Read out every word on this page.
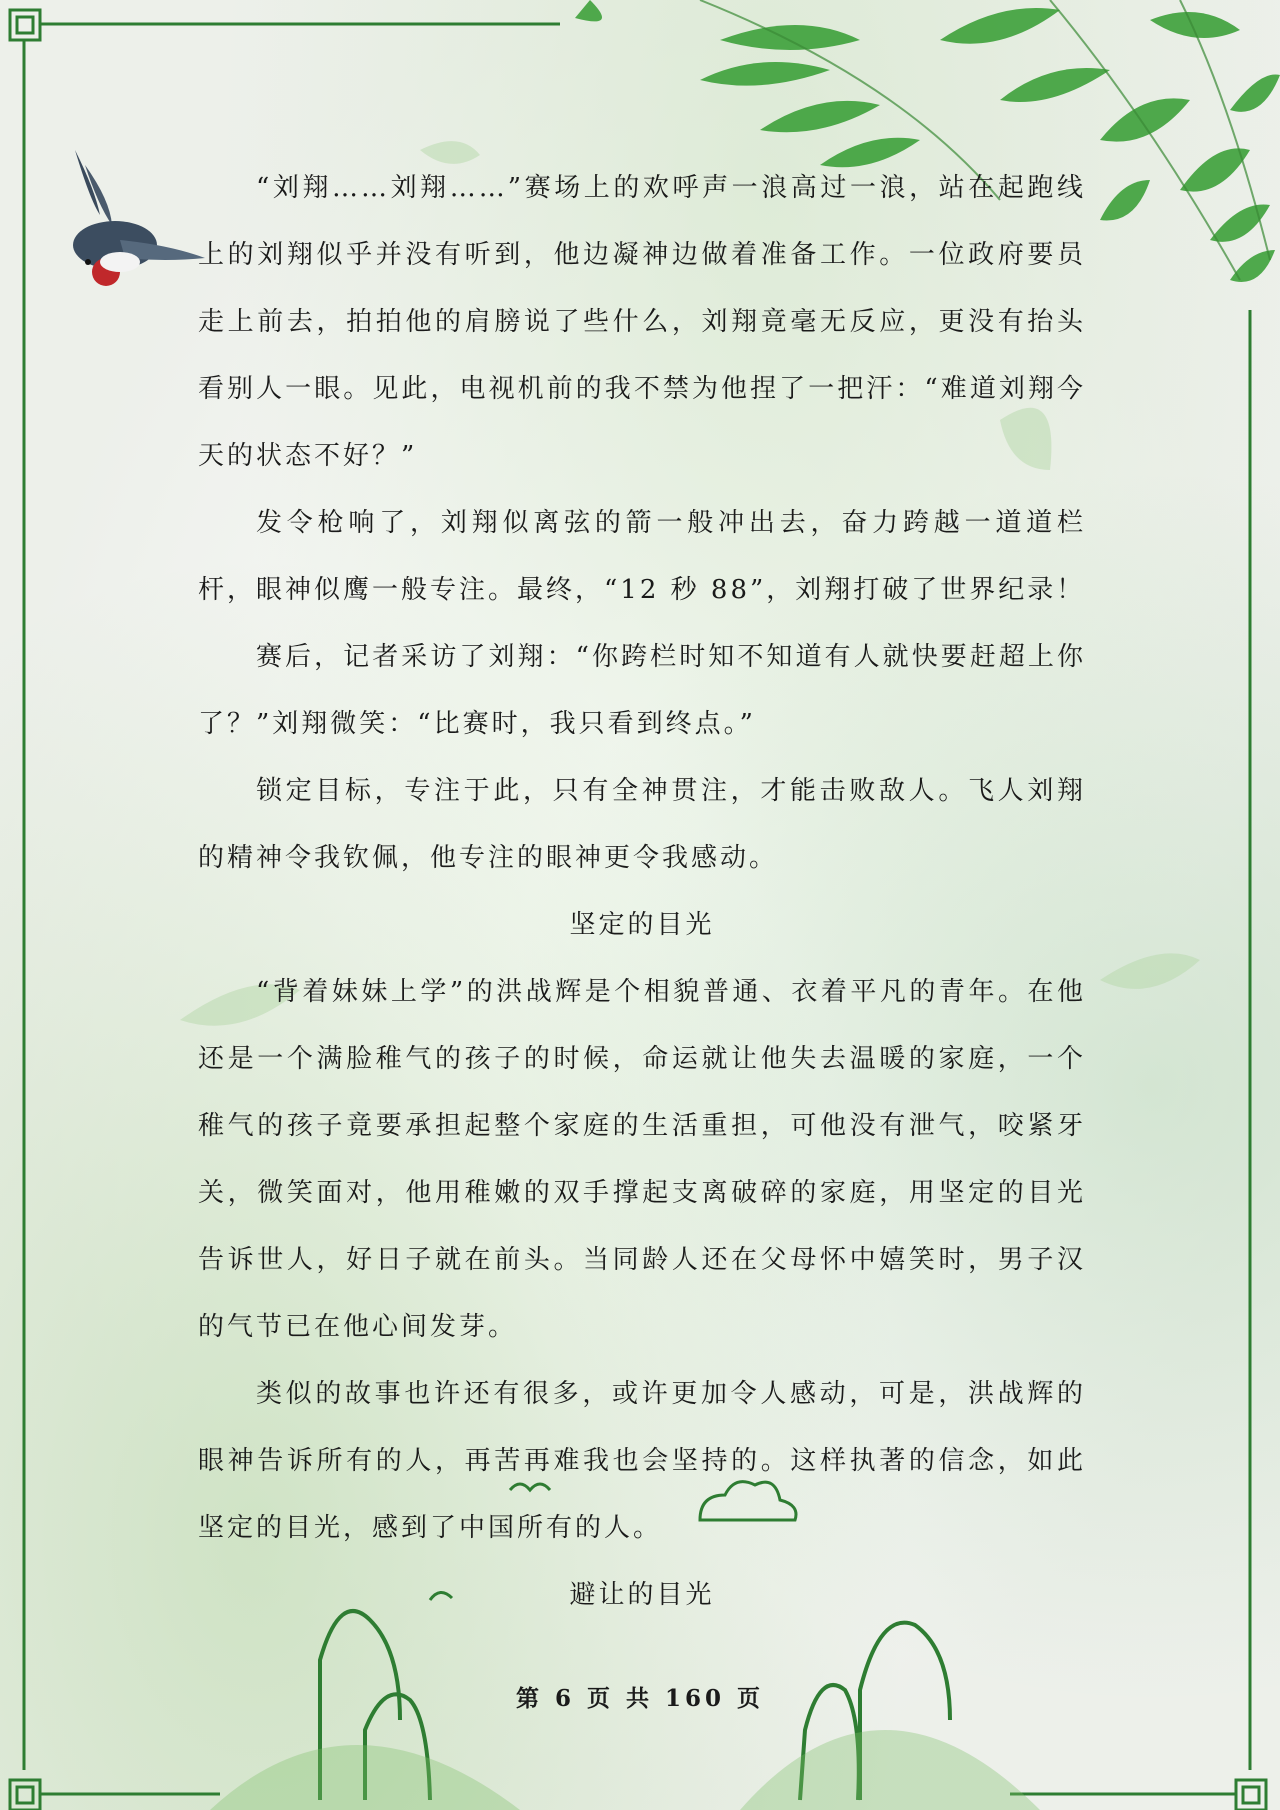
“刘翔……刘翔……”赛场上的欢呼声一浪高过一浪，站在起跑线上的刘翔似乎并没有听到，他边凝神边做着准备工作。一位政府要员走上前去，拍拍他的肩膀说了些什么，刘翔竟毫无反应，更没有抬头看别人一眼。见此，电视机前的我不禁为他捏了一把汗：“难道刘翔今天的状态不好？”

发令枪响了，刘翔似离弦的箭一般冲出去，奋力跨越一道道栏杆，眼神似鹰一般专注。最终，“12 秒 88”，刘翔打破了世界纪录！

赛后，记者采访了刘翔：“你跨栏时知不知道有人就快要赶超上你了？”刘翔微笑：“比赛时，我只看到终点。”

锁定目标，专注于此，只有全神贯注，才能击败敌人。飞人刘翔的精神令我钦佩，他专注的眼神更令我感动。

坚定的目光

“背着妹妹上学”的洪战辉是个相貌普通、衣着平凡的青年。在他还是一个满脸稚气的孩子的时候，命运就让他失去温暖的家庭，一个稚气的孩子竟要承担起整个家庭的生活重担，可他没有泄气，咬紧牙关，微笑面对，他用稚嫩的双手撑起支离破碎的家庭，用坚定的目光告诉世人，好日子就在前头。当同龄人还在父母怀中嬉笑时，男子汉的气节已在他心间发芽。

类似的故事也许还有很多，或许更加令人感动，可是，洪战辉的眼神告诉所有的人，再苦再难我也会坚持的。这样执著的信念，如此坚定的目光，感到了中国所有的人。

避让的目光
第 6 页 共 160 页
